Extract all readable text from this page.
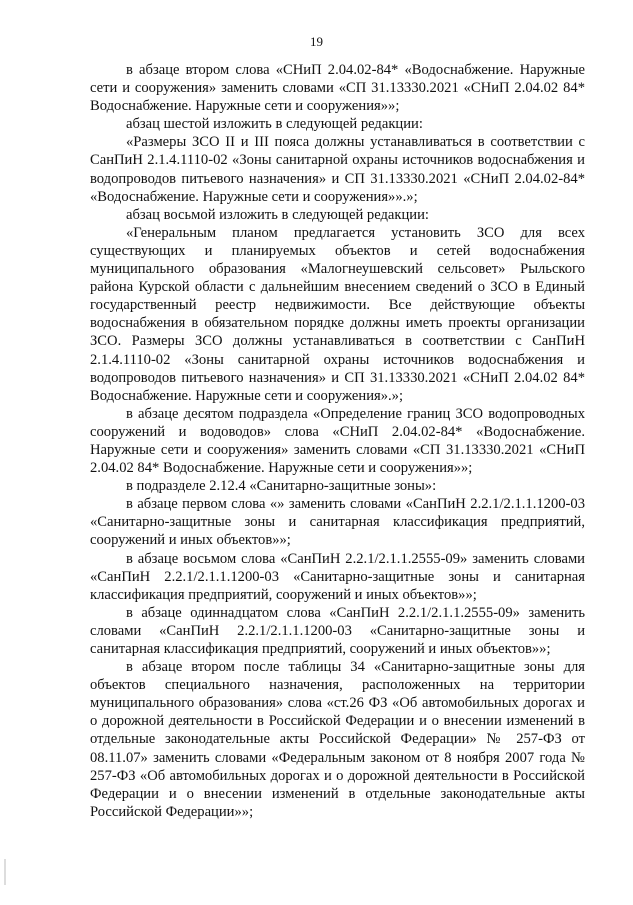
19

в абзаце втором слова «СНиП 2.04.02-84* «Водоснабжение. Наружные сети и сооружения» заменить словами «СП 31.13330.2021 «СНиП 2.04.02 84* Водоснабжение. Наружные сети и сооружения»»;

абзац шестой изложить в следующей редакции:

«Размеры ЗСО II и III пояса должны устанавливаться в соответствии с СанПиН 2.1.4.1110-02 «Зоны санитарной охраны источников водоснабжения и водопроводов питьевого назначения» и СП 31.13330.2021 «СНиП 2.04.02-84* «Водоснабжение. Наружные сети и сооружения»».»;

абзац восьмой изложить в следующей редакции:

«Генеральным планом предлагается установить ЗСО для всех существующих и планируемых объектов и сетей водоснабжения муниципального образования «Малогнеушевский сельсовет» Рыльского района Курской области с дальнейшим внесением сведений о ЗСО в Единый государственный реестр недвижимости. Все действующие объекты водоснабжения в обязательном порядке должны иметь проекты организации ЗСО. Размеры ЗСО должны устанавливаться в соответствии с СанПиН 2.1.4.1110-02 «Зоны санитарной охраны источников водоснабжения и водопроводов питьевого назначения» и СП 31.13330.2021 «СНиП 2.04.02 84* Водоснабжение. Наружные сети и сооружения».»;

в абзаце десятом подраздела «Определение границ ЗСО водопроводных сооружений и водоводов» слова «СНиП 2.04.02-84* «Водоснабжение. Наружные сети и сооружения» заменить словами «СП 31.13330.2021 «СНиП 2.04.02 84* Водоснабжение. Наружные сети и сооружения»»;

в подразделе 2.12.4 «Санитарно-защитные зоны»:

в абзаце первом слова «» заменить словами «СанПиН 2.2.1/2.1.1.1200-03 «Санитарно-защитные зоны и санитарная классификация предприятий, сооружений и иных объектов»»;

в абзаце восьмом слова «СанПиН 2.2.1/2.1.1.2555-09» заменить словами «СанПиН 2.2.1/2.1.1.1200-03 «Санитарно-защитные зоны и санитарная классификация предприятий, сооружений и иных объектов»»;

в абзаце одиннадцатом слова «СанПиН 2.2.1/2.1.1.2555-09» заменить словами «СанПиН 2.2.1/2.1.1.1200-03 «Санитарно-защитные зоны и санитарная классификация предприятий, сооружений и иных объектов»»;

в абзаце втором после таблицы 34 «Санитарно-защитные зоны для объектов специального назначения, расположенных на территории муниципального образования» слова «ст.26 ФЗ «Об автомобильных дорогах и о дорожной деятельности в Российской Федерации и о внесении изменений в отдельные законодательные акты Российской Федерации» № 257-ФЗ от 08.11.07» заменить словами «Федеральным законом от 8 ноября 2007 года № 257-ФЗ «Об автомобильных дорогах и о дорожной деятельности в Российской Федерации и о внесении изменений в отдельные законодательные акты Российской Федерации»»;
